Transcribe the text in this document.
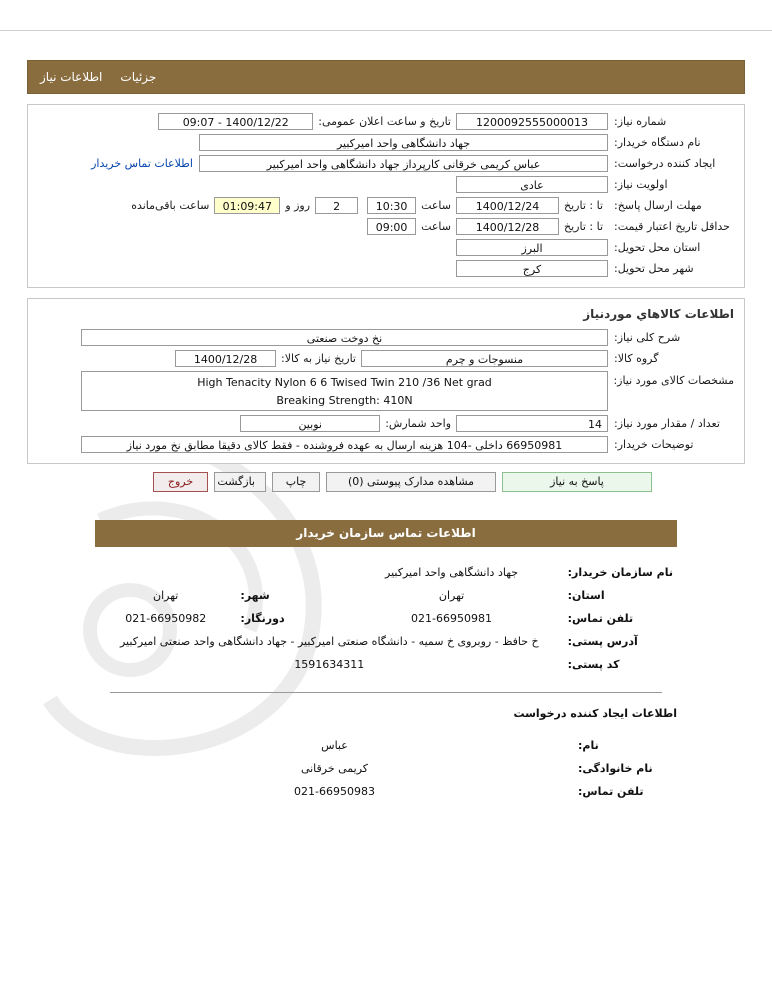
جزئیات
اطلاعات نیاز
شماره نیاز:
1200092555000013
تاریخ و ساعت اعلان عمومی:
1400/12/22 - 09:07
نام دستگاه خریدار:
جهاد دانشگاهی واحد امیرکبیر
ایجاد کننده درخواست:
عباس کریمی خرقانی کارپرداز جهاد دانشگاهی واحد امیرکبیر
اطلاعات تماس خریدار
اولویت نیاز:
عادی
مهلت ارسال پاسخ:
تا : تاریخ
1400/12/24
ساعت
10:30
2
روز و
01:09:47
ساعت باقی‌مانده
حداقل تاریخ اعتبار قیمت:
تا : تاریخ
1400/12/28
ساعت
09:00
استان محل تحویل:
البرز
شهر محل تحویل:
کرج
اطلاعات کالاهاي موردنیاز
شرح کلی نیاز:
نخ دوخت صنعتی
گروه کالا:
منسوجات و چرم
تاریخ نیاز به کالا:
1400/12/28
مشخصات کالای مورد نیاز:
High Tenacity Nylon 6 6 Twised Twin 210 /36 Net grad
Breaking Strength: 410N
تعداد / مقدار مورد نیاز:
14
واحد شمارش:
نوبین
توضیحات خریدار:
66950981 داخلی -104 هزینه ارسال به عهده فروشنده - فقط کالای دقیقا مطابق نخ مورد نیاز
پاسخ به نیاز
مشاهده مدارک پیوستی (0)
چاپ
بازگشت
خروج
اطلاعات تماس سازمان خریدار
نام سازمان خریدار:	جهاد دانشگاهی واحد امیرکبیر		
استان:	تهران	شهر:	تهران
تلفن تماس:	021-66950981	دورنگار:	021-66950982
آدرس پستی:	خ حافظ - روبروی خ سمیه - دانشگاه صنعتی امیرکبیر - جهاد دانشگاهی واحد صنعتی امیرکبیر		
کد پستی:	1591634311		
اطلاعات ایجاد کننده درخواست
نام:	عباس
نام خانوادگی:	کریمی خرقانی
تلفن تماس:	021-66950983
